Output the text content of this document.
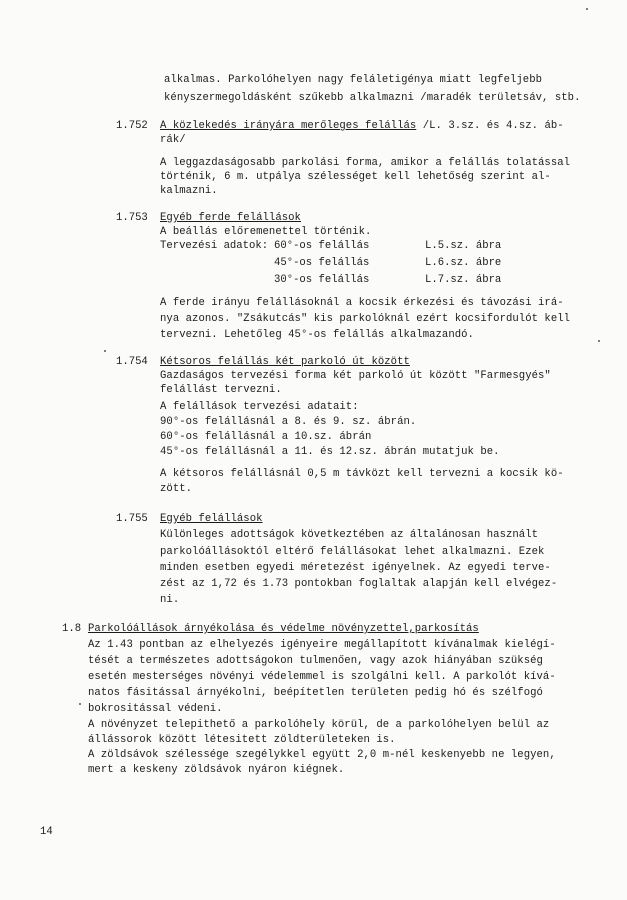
alkalmas. Parkolóhelyen nagy feláletigénya miatt legfeljebb
kényszermegoldásként szűkebb alkalmazni /maradék területsáv, stb.
1.752 A közlekedés irányára merőleges felállás /L. 3.sz. és 4.sz. áb-
rák/
A leggazdaságosabb parkolási forma, amikor a felállás tolatással
történik, 6 m. utpálya szélességet kell lehetőség szerint al-
kalmazni.
1.753 Egyéb ferde felállások
A beállás előremenettel történik.
Tervezési adatok: 60°-os felállás	L.5.sz. ábra
45°-os felállás	L.6.sz. ábre
30°-os felállás	L.7.sz. ábra
A ferde irányu felállásoknál a kocsik érkezési és távozási irá-
nya azonos. "Zsákutcás" kis parkolóknál ezért kocsifordulót kell
tervezni. Lehetőleg 45°-os felállás alkalmazandó.
1.754 Kétsoros felállás két parkoló út között
Gazdaságos tervezési forma két parkoló út között "Farmesgyés"
felállást tervezni.
A felállások tervezési adatait:
90°-os felállásnál a 8. és 9. sz. ábrán.
60°-os felállásnál a 10.sz. ábrán
45°-os felállásnál a 11. és 12.sz. ábrán mutatjuk be.
A kétsoros felállásnál 0,5 m távközt kell tervezni a kocsik kö-
zött.
1.755 Egyéb felállások
Különleges adottságok következtében az általánosan használt
parkolóállásoktól eltérő felállásokat lehet alkalmazni. Ezek
minden esetben egyedi méretezést igényelnek. Az egyedi terve-
zést az 1,72 és 1.73 pontokban foglaltak alapján kell elvégez-
ni.
1.8 Parkolóállások árnyékolása és védelme növényzettel,parkosítás
Az 1.43 pontban az elhelyezés igényeire megállapított kívánalmak kielégí-
tését a természetes adottságokon tulmenően, vagy azok hiányában szükség
esetén mesterséges növényi védelemmel is szolgálni kell. A parkolót kívá-
natos fásitással árnyékolni, beépítetlen területen pedig hó és szélfogó
bokrositással védeni.
A növényzet telepithető a parkolóhely körül, de a parkolóhelyen belül az
állássorok között létesitett zöldterületeken is.
A zöldsávok szélessége szegélykkel együtt 2,0 m-nél keskenyebb ne legyen,
mert a keskeny zöldsávok nyáron kiégnek.
14
